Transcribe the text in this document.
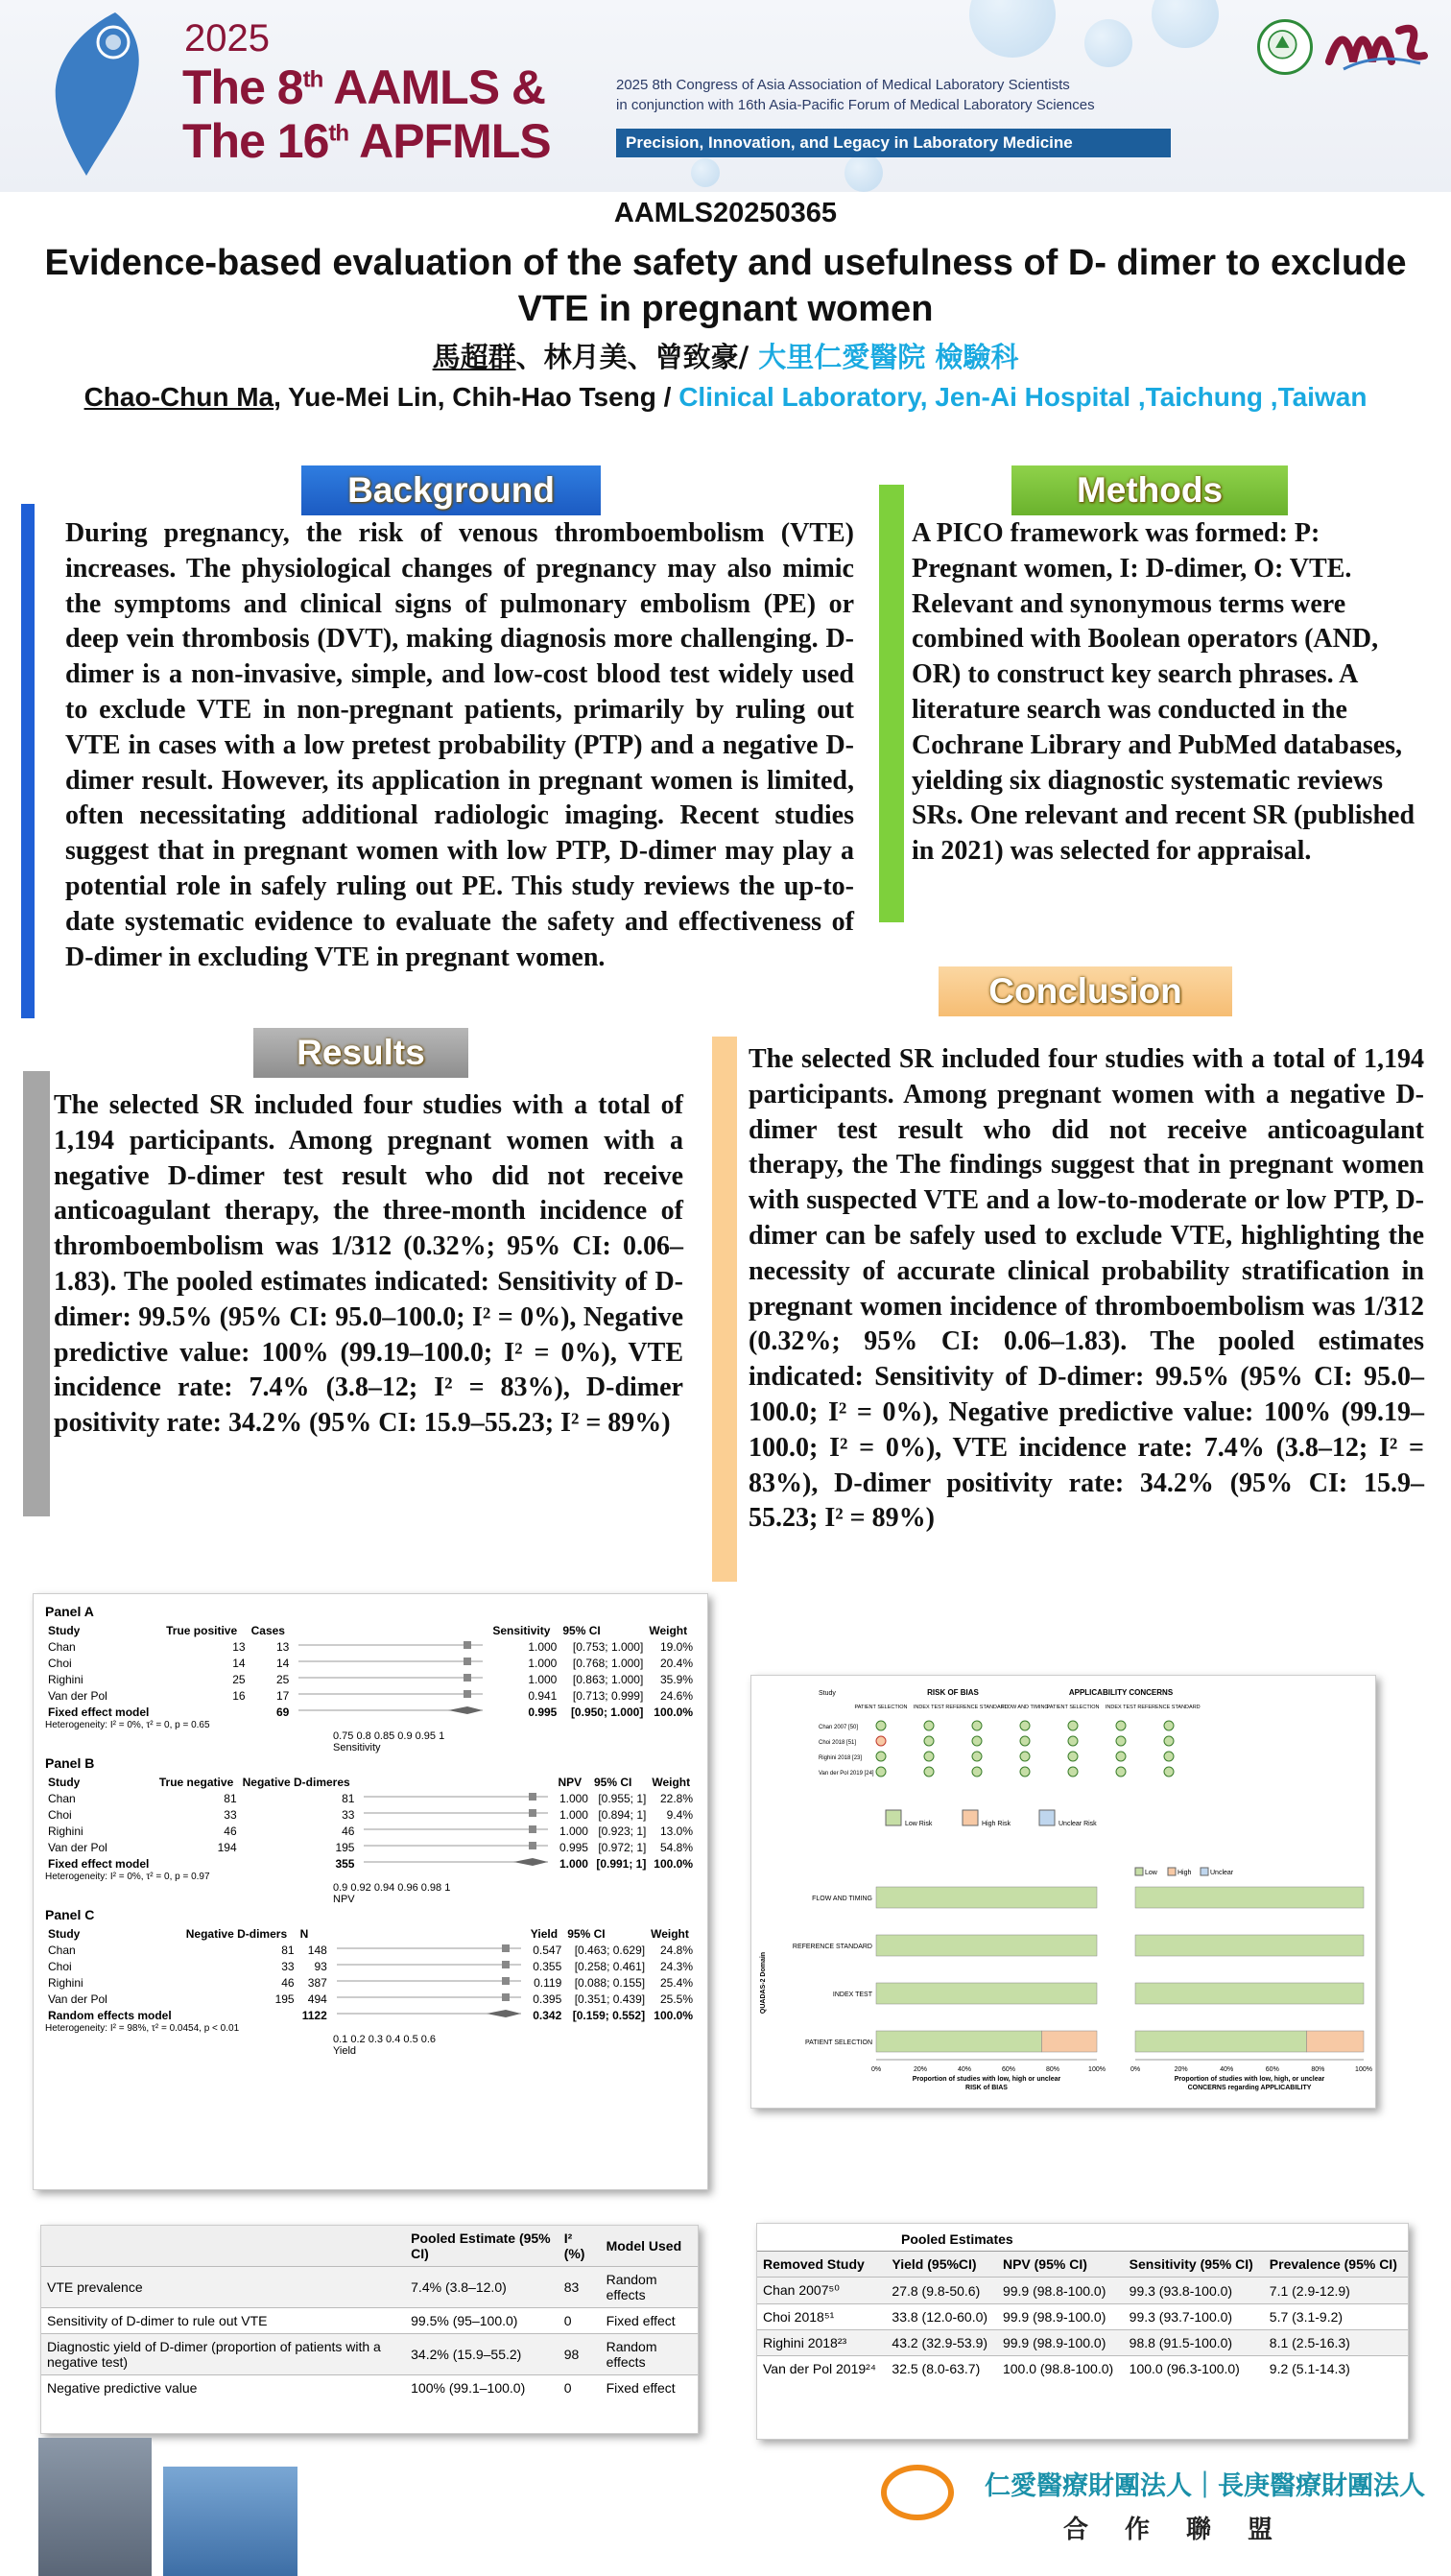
2025
The 8th AAMLS &
The 16th APFMLS
2025 8th Congress of Asia Association of Medical Laboratory Scientists
in conjunction with 16th Asia-Pacific Forum of Medical Laboratory Sciences
Precision, Innovation, and Legacy in Laboratory Medicine
AAMLS20250365
Evidence-based evaluation of the safety and usefulness of D- dimer to exclude VTE in pregnant women
馬超群、林月美、曾致豪/ 大里仁愛醫院 檢驗科
Chao-Chun Ma, Yue-Mei Lin, Chih-Hao Tseng / Clinical Laboratory, Jen-Ai Hospital ,Taichung ,Taiwan
Background
During pregnancy, the risk of venous thromboembolism (VTE) increases. The physiological changes of pregnancy may also mimic the symptoms and clinical signs of pulmonary embolism (PE) or deep vein thrombosis (DVT), making diagnosis more challenging. D-dimer is a non-invasive, simple, and low-cost blood test widely used to exclude VTE in non-pregnant patients, primarily by ruling out VTE in cases with a low pretest probability (PTP) and a negative D-dimer result. However, its application in pregnant women is limited, often necessitating additional radiologic imaging. Recent studies suggest that in pregnant women with low PTP, D-dimer may play a potential role in safely ruling out PE. This study reviews the up-to-date systematic evidence to evaluate the safety and effectiveness of D-dimer in excluding VTE in pregnant women.
Methods
A PICO framework was formed: P: Pregnant women, I: D-dimer, O: VTE. Relevant and synonymous terms were combined with Boolean operators (AND, OR) to construct key search phrases. A literature search was conducted in the Cochrane Library and PubMed databases, yielding six diagnostic systematic reviews SRs. One relevant and recent SR (published in 2021) was selected for appraisal.
Results
The selected SR included four studies with a total of 1,194 participants. Among pregnant women with a negative D-dimer test result who did not receive anticoagulant therapy, the three-month incidence of thromboembolism was 1/312 (0.32%; 95% CI: 0.06–1.83). The pooled estimates indicated: Sensitivity of D-dimer: 99.5% (95% CI: 95.0–100.0; I² = 0%), Negative predictive value: 100% (99.19–100.0; I² = 0%), VTE incidence rate: 7.4% (3.8–12; I² = 83%), D-dimer positivity rate: 34.2% (95% CI: 15.9–55.23; I² = 89%)
Conclusion
The selected SR included four studies with a total of 1,194 participants. Among pregnant women with a negative D-dimer test result who did not receive anticoagulant therapy, the The findings suggest that in pregnant women with suspected VTE and a low-to-moderate or low PTP, D-dimer can be safely used to exclude VTE, highlighting the necessity of accurate clinical probability stratification in pregnant women incidence of thromboembolism was 1/312 (0.32%; 95% CI: 0.06–1.83). The pooled estimates indicated: Sensitivity of D-dimer: 99.5% (95% CI: 95.0–100.0; I² = 0%), Negative predictive value: 100% (99.19–100.0; I² = 0%), VTE incidence rate: 7.4% (3.8–12; I² = 83%), D-dimer positivity rate: 34.2% (95% CI: 15.9–55.23; I² = 89%)
Panel A
Study	True positive	Cases		Sensitivity	95% CI	Weight
Chan	13	13		1.000	[0.753; 1.000]	19.0%
Choi	14	14		1.000	[0.768; 1.000]	20.4%
Righini	25	25		1.000	[0.863; 1.000]	35.9%
Van der Pol	16	17		0.941	[0.713; 0.999]	24.6%
Fixed effect model		69		0.995	[0.950; 1.000]	100.0%
Heterogeneity: I² = 0%, τ² = 0, p = 0.65
0.75 0.8 0.85 0.9 0.95 1
Sensitivity
Panel B
Study	True negative	Negative D-dimeres		NPV	95% CI	Weight
Chan	81	81		1.000	[0.955; 1]	22.8%
Choi	33	33		1.000	[0.894; 1]	9.4%
Righini	46	46		1.000	[0.923; 1]	13.0%
Van der Pol	194	195		0.995	[0.972; 1]	54.8%
Fixed effect model		355		1.000	[0.991; 1]	100.0%
Heterogeneity: I² = 0%, τ² = 0, p = 0.97
0.9 0.92 0.94 0.96 0.98 1
NPV
Panel C
Study	Negative D-dimers	N		Yield	95% CI	Weight
Chan	81	148		0.547	[0.463; 0.629]	24.8%
Choi	33	93		0.355	[0.258; 0.461]	24.3%
Righini	46	387		0.119	[0.088; 0.155]	25.4%
Van der Pol	195	494		0.395	[0.351; 0.439]	25.5%
Random effects model		1122		0.342	[0.159; 0.552]	100.0%
Heterogeneity: I² = 98%, τ² = 0.0454, p < 0.01
0.1 0.2 0.3 0.4 0.5 0.6
Yield
RISK OF BIAS	APPLICABILITY CONCERNS
Study
PATIENT SELECTION INDEX TEST REFERENCE STANDARD
FLOW AND TIMING
PATIENT SELECTION INDEX TEST REFERENCE STANDARD
Chan 2007 [50]
Choi 2018 [51]
Righini 2018 [23]
Van der Pol 2019 [24]
Low Risk	High Risk	Unclear Risk
FLOW AND TIMING
REFERENCE STANDARD
INDEX TEST
PATIENT SELECTION
0%	20%	40%	60%	80%	100%
Proportion of studies with low, high or unclear
RISK of BIAS
0%	20%	40%	60%	80%	100%
Proportion of studies with low, high, or unclear
CONCERNS regarding APPLICABILITY
QUADAS-2 Domain
Low	High	Unclear
	Pooled Estimate (95% CI)	I² (%)	Model Used
VTE prevalence	7.4% (3.8–12.0)	83	Random effects
Sensitivity of D-dimer to rule out VTE	99.5% (95–100.0)	0	Fixed effect
Diagnostic yield of D-dimer (proportion of patients with a negative test)	34.2% (15.9–55.2)	98	Random effects
Negative predictive value	100% (99.1–100.0)	0	Fixed effect
Pooled Estimates
Removed Study	Yield (95%CI)	NPV (95% CI)	Sensitivity (95% CI)	Prevalence (95% CI)
Chan 2007⁵⁰	27.8 (9.8-50.6)	99.9 (98.8-100.0)	99.3 (93.8-100.0)	7.1 (2.9-12.9)
Choi 2018⁵¹	33.8 (12.0-60.0)	99.9 (98.9-100.0)	99.3 (93.7-100.0)	5.7 (3.1-9.2)
Righini 2018²³	43.2 (32.9-53.9)	99.9 (98.9-100.0)	98.8 (91.5-100.0)	8.1 (2.5-16.3)
Van der Pol 2019²⁴	32.5 (8.0-63.7)	100.0 (98.8-100.0)	100.0 (96.3-100.0)	9.2 (5.1-14.3)
仁愛醫療財團法人｜長庚醫療財團法人
合作聯盟
